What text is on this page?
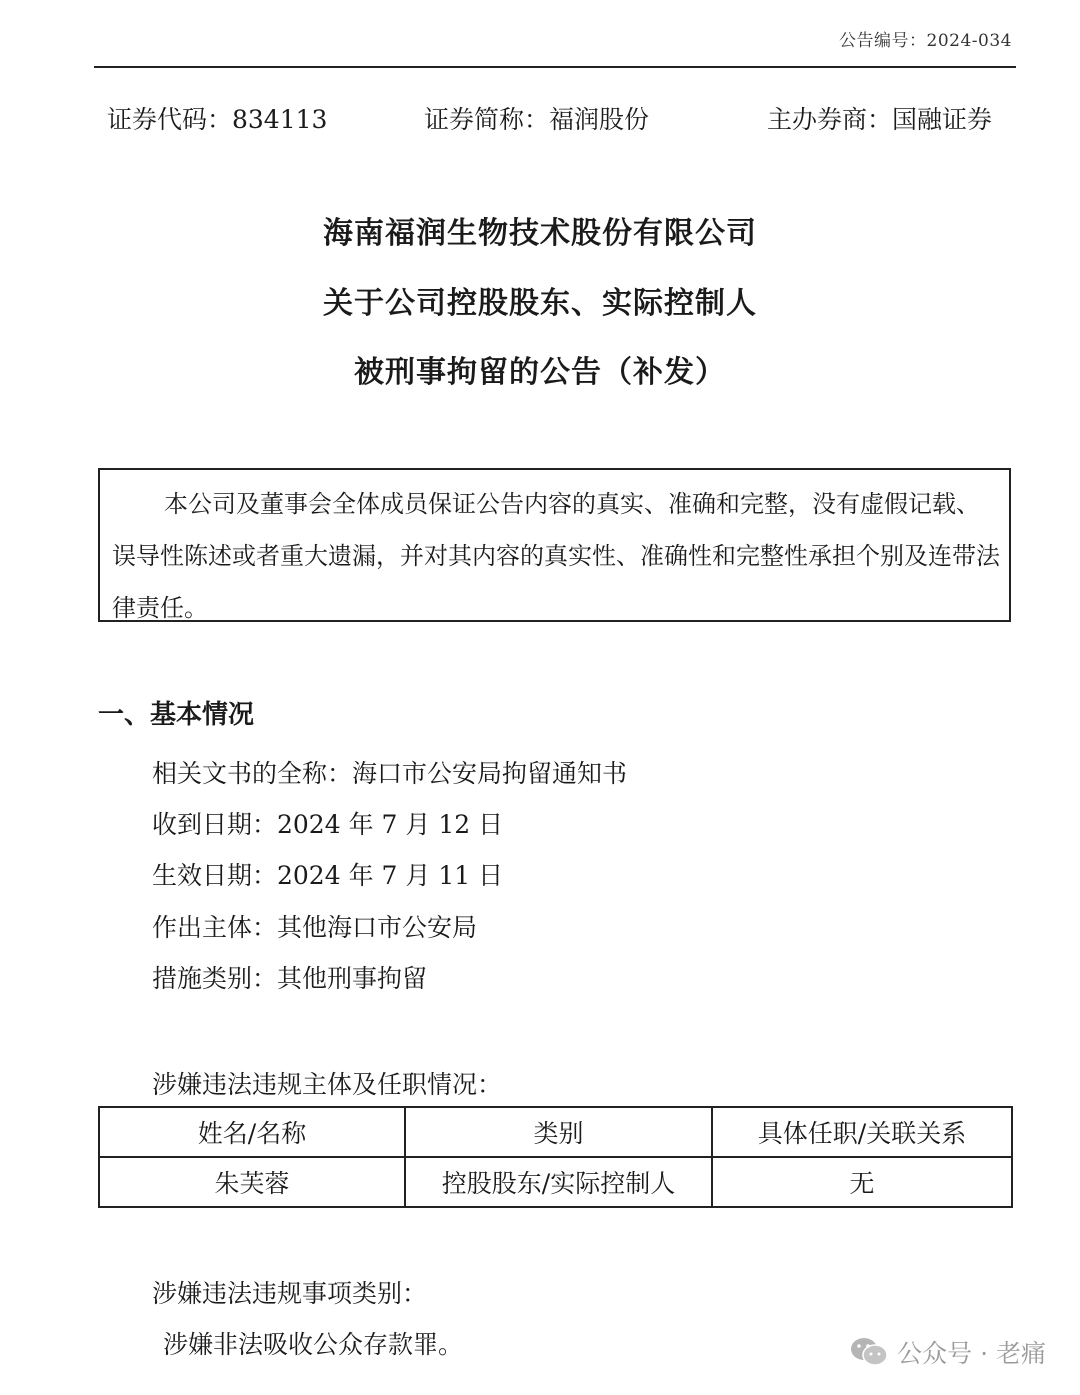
公告编号：2024-034
证券代码：834113	证券简称：福润股份	主办券商：国融证券
海南福润生物技术股份有限公司
关于公司控股股东、实际控制人
被刑事拘留的公告（补发）

本公司及董事会全体成员保证公告内容的真实、准确和完整，没有虚假记载、误导性陈述或者重大遗漏，并对其内容的真实性、准确性和完整性承担个别及连带法律责任。

一、基本情况
相关文书的全称：海口市公安局拘留通知书
收到日期：2024 年 7 月 12 日
生效日期：2024 年 7 月 11 日
作出主体：其他海口市公安局
措施类别：其他刑事拘留
涉嫌违法违规主体及任职情况：
姓名/名称	类别	具体任职/关联关系
朱芙蓉	控股股东/实际控制人	无
涉嫌违法违规事项类别：
涉嫌非法吸收公众存款罪。	公众号 · 老痛
